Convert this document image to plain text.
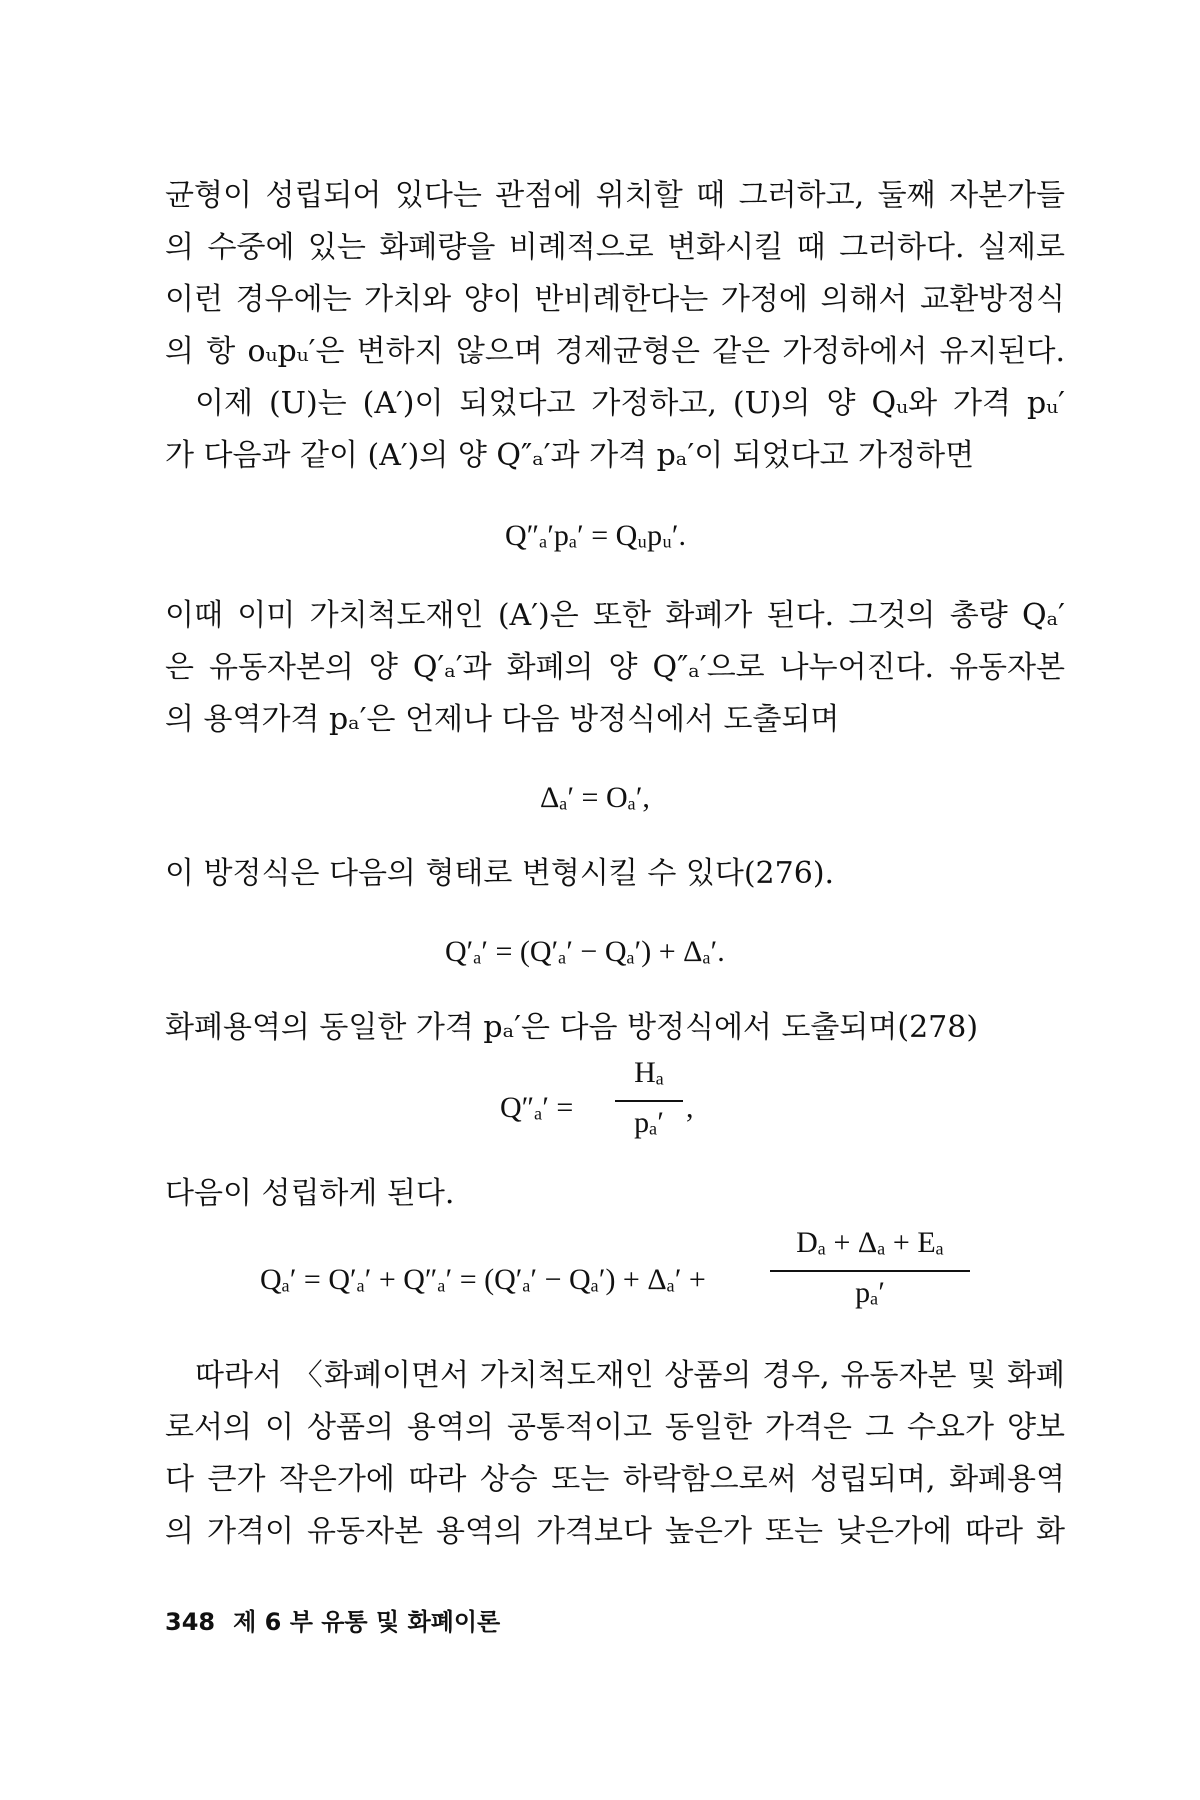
균형이 성립되어 있다는 관점에 위치할 때 그러하고, 둘째 자본가들
의 수중에 있는 화폐량을 비례적으로 변화시킬 때 그러하다. 실제로
이런 경우에는 가치와 양이 반비례한다는 가정에 의해서 교환방정식
의 항 oᵤpᵤ′은 변하지 않으며 경제균형은 같은 가정하에서 유지된다.
이제 (U)는 (A′)이 되었다고 가정하고, (U)의 양 Qᵤ와 가격 pᵤ′
가 다음과 같이 (A′)의 양 Q″ₐ′과 가격 pₐ′이 되었다고 가정하면
Q″ₐ′pₐ′ = Qᵤpᵤ′.
이때 이미 가치척도재인 (A′)은 또한 화폐가 된다. 그것의 총량 Qₐ′
은 유동자본의 양 Q′ₐ′과 화폐의 양 Q″ₐ′으로 나누어진다. 유동자본
의 용역가격 pₐ′은 언제나 다음 방정식에서 도출되며
Δₐ′ = Oₐ′,
이 방정식은 다음의 형태로 변형시킬 수 있다(276).
Q′ₐ′ = (Q′ₐ′ − Qₐ′) + Δₐ′.
화폐용역의 동일한 가격 pₐ′은 다음 방정식에서 도출되며(278)
Q″ₐ′ =
Hₐ
pₐ′ ,
다음이 성립하게 된다.
Qₐ′ = Q′ₐ′ + Q″ₐ′ = (Q′ₐ′ − Qₐ′) + Δₐ′ +
Dₐ + Δₐ + Eₐ
pₐ′
따라서 〈화폐이면서 가치척도재인 상품의 경우, 유동자본 및 화폐
로서의 이 상품의 용역의 공통적이고 동일한 가격은 그 수요가 양보
다 큰가 작은가에 따라 상승 또는 하락함으로써 성립되며, 화폐용역
의 가격이 유동자본 용역의 가격보다 높은가 또는 낮은가에 따라 화
348 제 6 부 유통 및 화폐이론
